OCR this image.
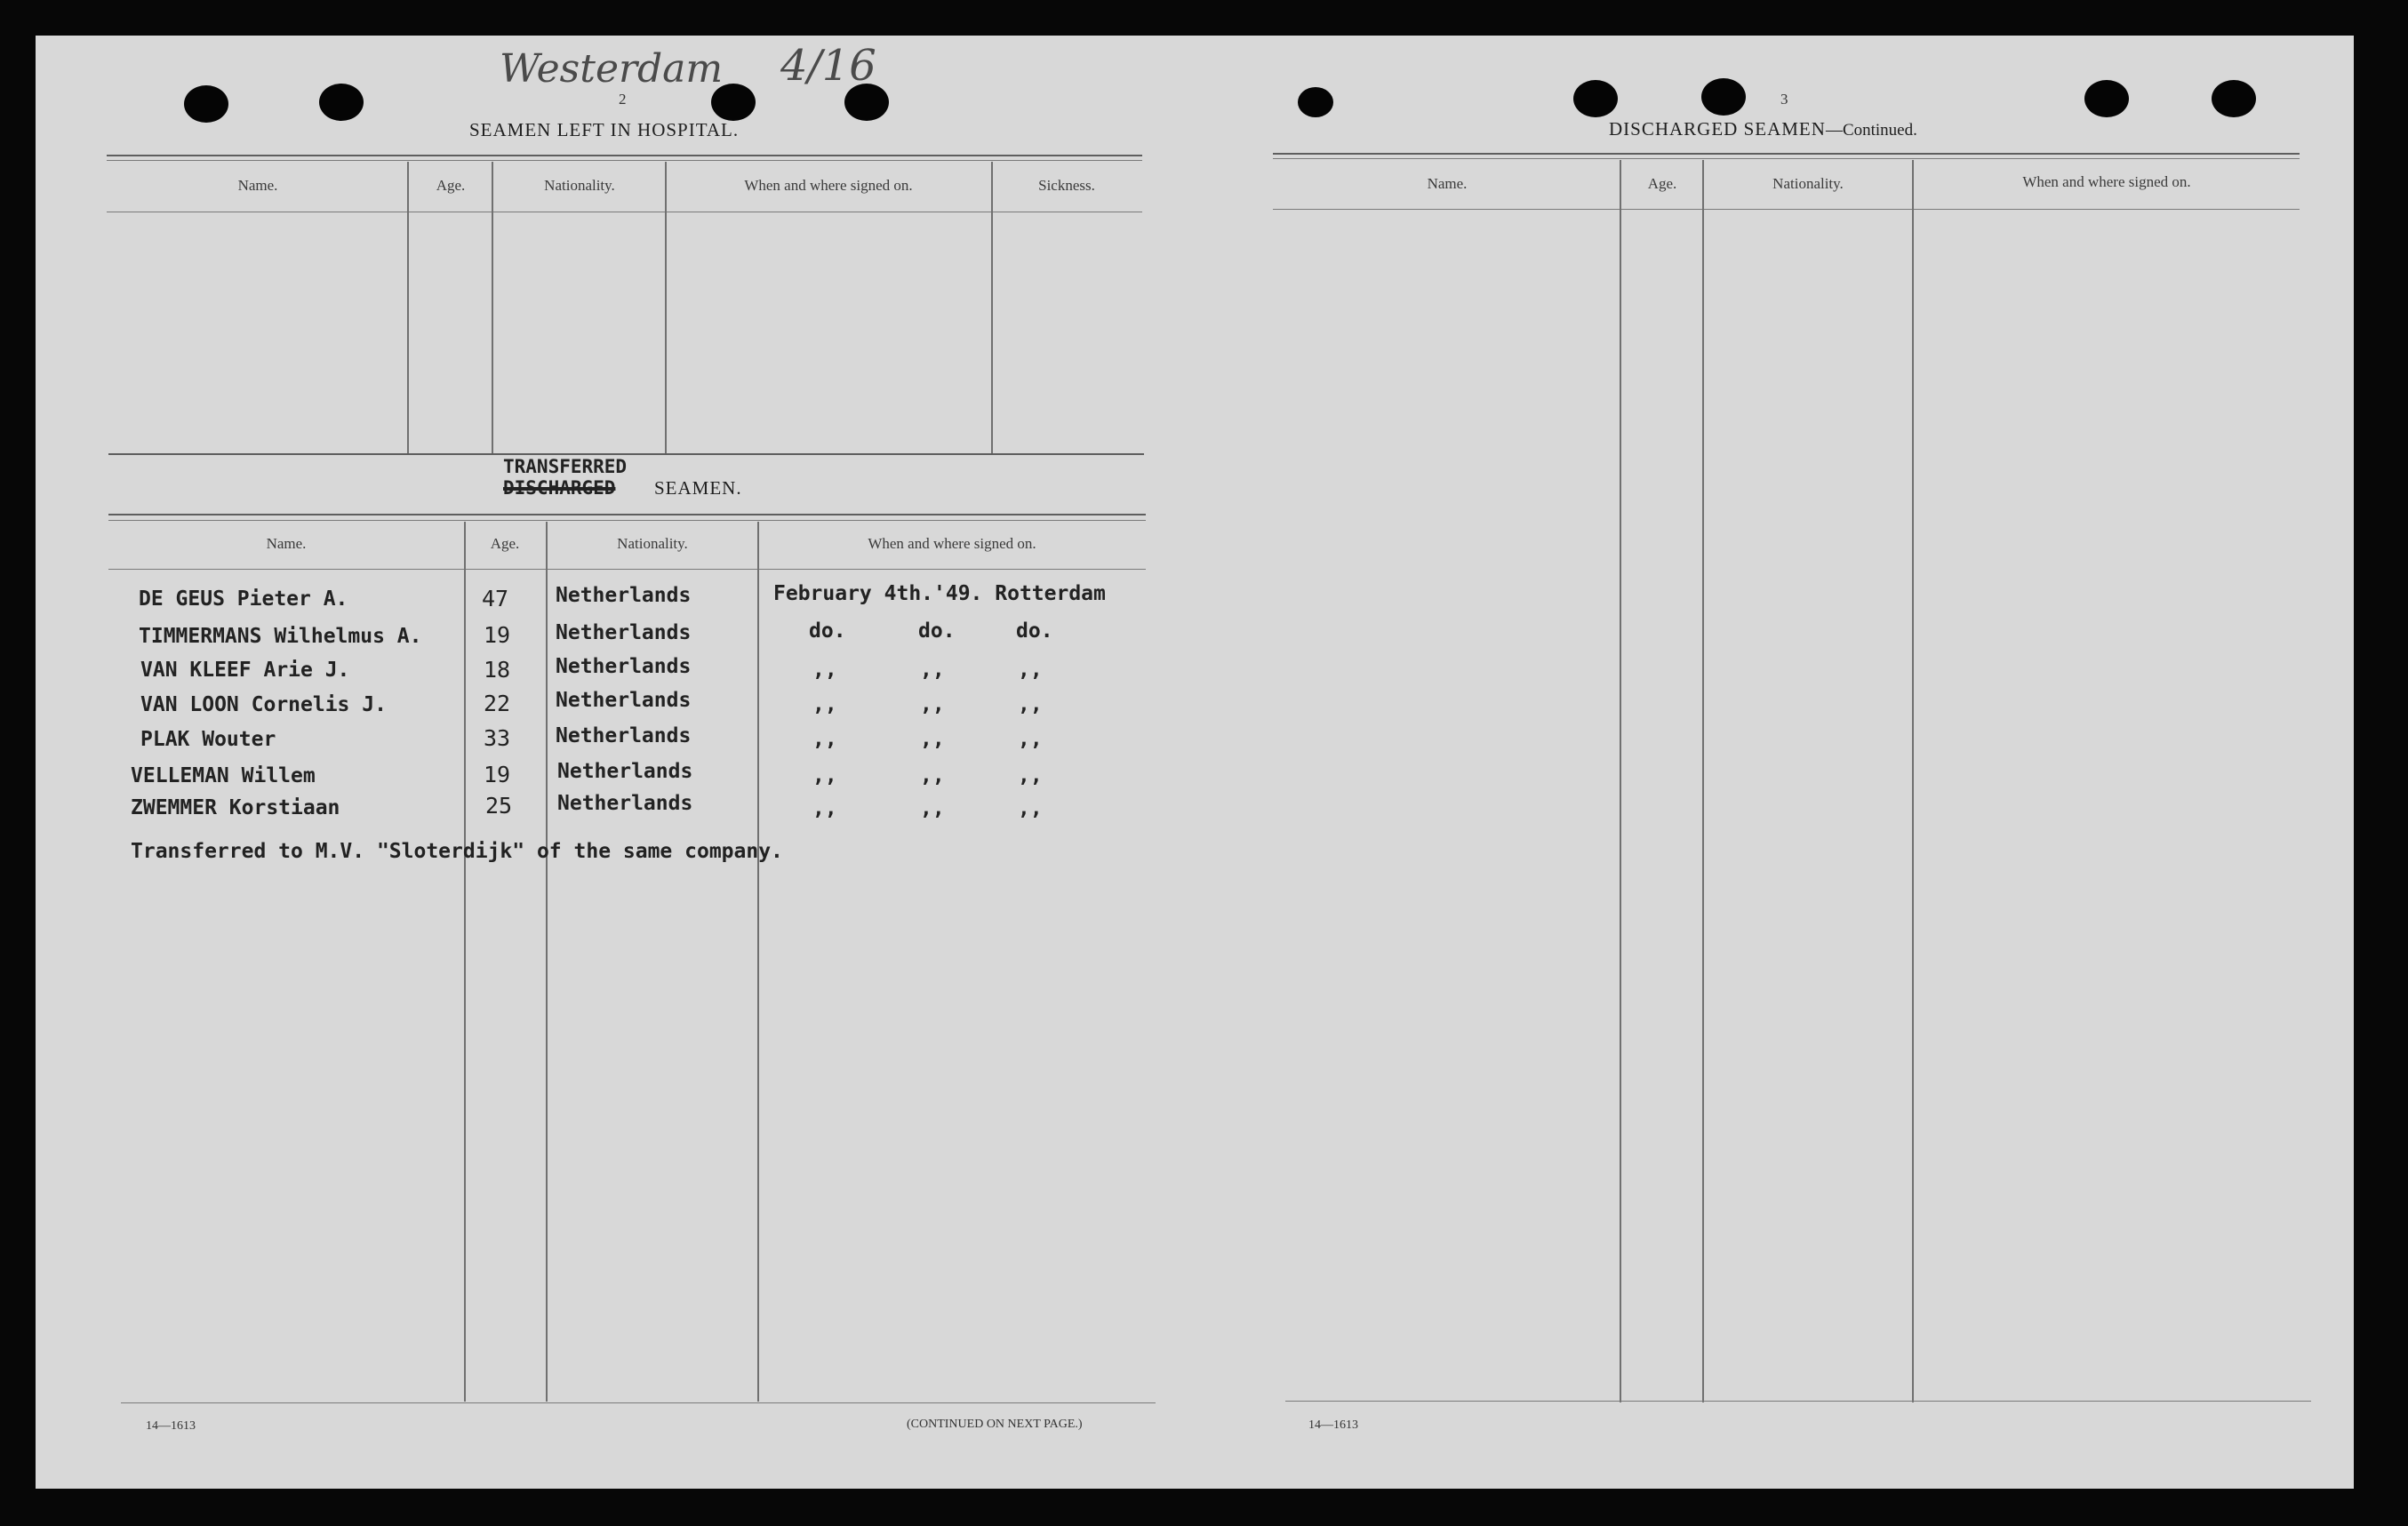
Westerdam 4/16
2
SEAMEN LEFT IN HOSPITAL.
Name.	Age.	Nationality.	When and where signed on.	Sickness.
TRANSFERRED
DISCHARGED SEAMEN.
Name.	Age.	Nationality.	When and where signed on.
DE GEUS Pieter A.	47 Netherlands	February 4th.'49. Rotterdam
TIMMERMANS Wilhelmus A.	19 Netherlands	do.	do.	do.
VAN KLEEF Arie J.	18 Netherlands	,,	,,	,,
VAN LOON Cornelis J.	22 Netherlands	,,	,,	,,
PLAK Wouter	33 Netherlands	,,	,,	,,
VELLEMAN Willem	19 Netherlands	,,	,,	,,
ZWEMMER Korstiaan	25 Netherlands	,,	,,	,,
Transferred to M.V. "Sloterdijk" of the same company.
14—1613	(CONTINUED ON NEXT PAGE.)
3
DISCHARGED SEAMEN—Continued.
Name.	Age.	Nationality.	When and where signed on.
14—1613
